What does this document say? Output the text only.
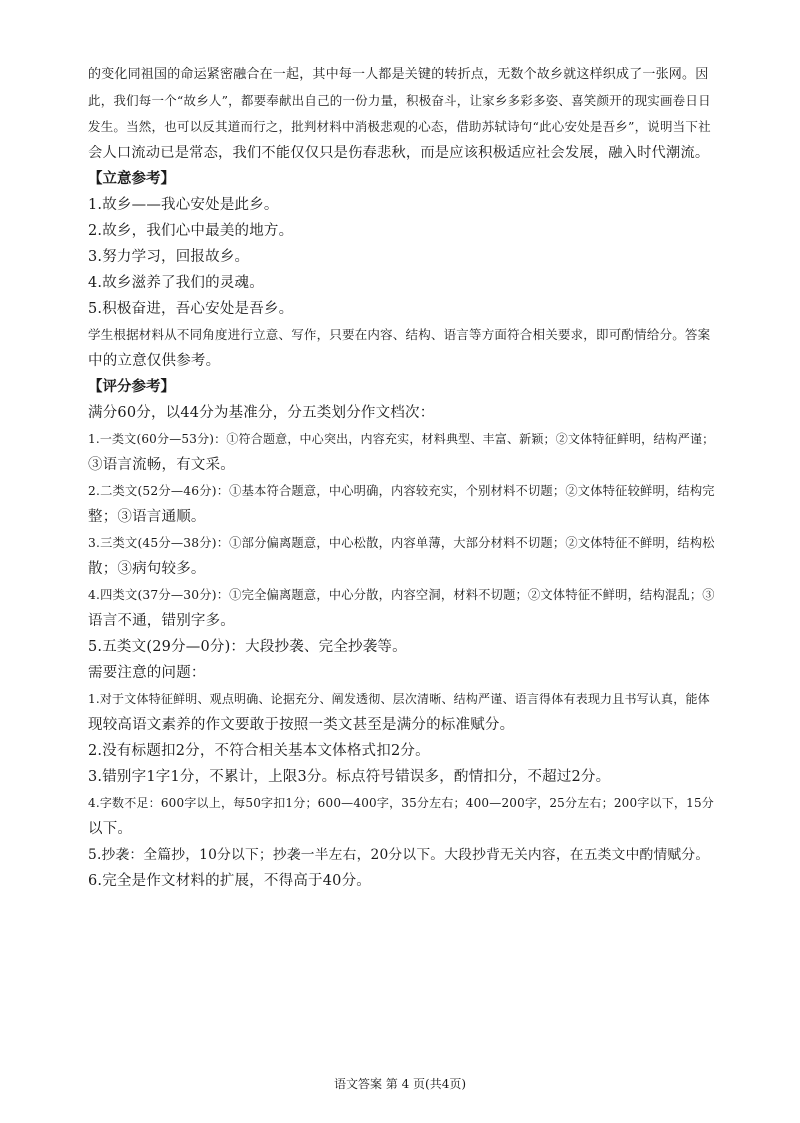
的变化同祖国的命运紧密融合在一起，其中每一人都是关键的转折点，无数个故乡就这样织成了一张网。因
此，我们每一个“故乡人”，都要奉献出自己的一份力量，积极奋斗，让家乡多彩多姿、喜笑颜开的现实画卷日日
发生。当然，也可以反其道而行之，批判材料中消极悲观的心态，借助苏轼诗句“此心安处是吾乡”，说明当下社
会人口流动已是常态，我们不能仅仅只是伤春悲秋，而是应该积极适应社会发展，融入时代潮流。
【立意参考】
1.故乡——我心安处是此乡。
2.故乡，我们心中最美的地方。
3.努力学习，回报故乡。
4.故乡滋养了我们的灵魂。
5.积极奋进，吾心安处是吾乡。
学生根据材料从不同角度进行立意、写作，只要在内容、结构、语言等方面符合相关要求，即可酌情给分。答案
中的立意仅供参考。
【评分参考】
满分60分，以44分为基准分，分五类划分作文档次：
1.一类文(60分—53分)：①符合题意，中心突出，内容充实，材料典型、丰富、新颖；②文体特征鲜明，结构严谨；
③语言流畅，有文采。
2.二类文(52分—46分)：①基本符合题意，中心明确，内容较充实，个别材料不切题；②文体特征较鲜明，结构完
整；③语言通顺。
3.三类文(45分—38分)：①部分偏离题意，中心松散，内容单薄，大部分材料不切题；②文体特征不鲜明，结构松
散；③病句较多。
4.四类文(37分—30分)：①完全偏离题意，中心分散，内容空洞，材料不切题；②文体特征不鲜明，结构混乱；③
语言不通，错别字多。
5.五类文(29分—0分)：大段抄袭、完全抄袭等。
需要注意的问题：
1.对于文体特征鲜明、观点明确、论据充分、阐发透彻、层次清晰、结构严谨、语言得体有表现力且书写认真，能体
现较高语文素养的作文要敢于按照一类文甚至是满分的标准赋分。
2.没有标题扣2分，不符合相关基本文体格式扣2分。
3.错别字1字1分，不累计，上限3分。标点符号错误多，酌情扣分，不超过2分。
4.字数不足：600字以上，每50字扣1分；600—400字，35分左右；400—200字，25分左右；200字以下，15分
以下。
5.抄袭：全篇抄，10分以下；抄袭一半左右，20分以下。大段抄背无关内容，在五类文中酌情赋分。
6.完全是作文材料的扩展，不得高于40分。
语文答案 第 4 页(共4页)
